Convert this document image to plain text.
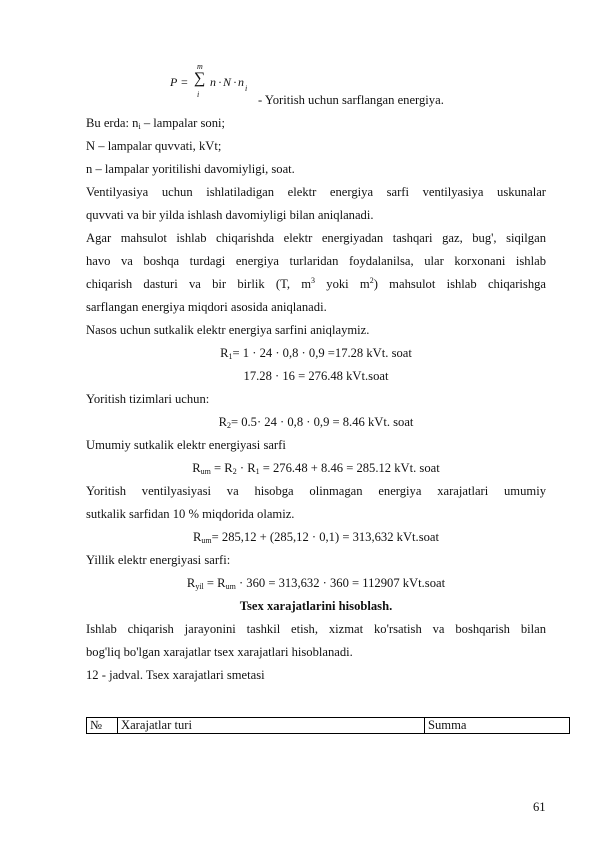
P =
m
∑
i
n · N · n i
- Yoritish uchun sarflangan energiya.
Bu erda: $n_i$ – lampalar soni;
N – lampalar quvvati, kVt;
n – lampalar yoritilishi davomiyligi, soat.
Ventilyasiya uchun ishlatiladigan elektr energiya sarfi ventilyasiya uskunalar
quvvati va bir yilda ishlash davomiyligi bilan aniqlanadi.
Agar mahsulot ishlab chiqarishda elektr energiyadan tashqari gaz, bug', siqilgan
havo va boshqa turdagi energiya turlaridan foydalanilsa, ular korxonani ishlab
chiqarish dasturi va bir birlik (T, $m^3$ yoki $m^2$) mahsulot ishlab chiqarishga
sarflangan energiya miqdori asosida aniqlanadi.
Nasos uchun sutkalik elektr energiya sarfini aniqlaymiz.
$R_1= 1 \cdot 24 \cdot 0,8 \cdot 0,9 =17.28$ kVt. soat
17.28 · 16 = 276.48 kVt.soat
Yoritish tizimlari uchun:
$R_2= 0.5\cdot 24 \cdot 0,8 \cdot 0,9 = 8.46$ kVt. soat
Umumiy sutkalik elektr energiyasi sarfi
$R_{um} = R_2 \cdot R_1 = 276.48 + 8.46 = 285.12$ kVt. soat
Yoritish ventilyasiyasi va hisobga olinmagan energiya xarajatlari umumiy
sutkalik sarfidan 10 % miqdorida olamiz.
$R_{um}= 285,12 + (285,12 \cdot 0,1) = 313,632$ kVt.soat
Yillik elektr energiyasi sarfi:
$R_{yil} = R_{um} \cdot 360 = 313,632 \cdot 360 = 112907$ kVt.soat
Tsex xarajatlarini hisoblash.
Ishlab chiqarish jarayonini tashkil etish, xizmat ko'rsatish va boshqarish bilan
bog'liq bo'lgan xarajatlar tsex xarajatlari hisoblanadi.
12 - jadval. Tsex xarajatlari smetasi
№	Xarajatlar turi	Summa
61
